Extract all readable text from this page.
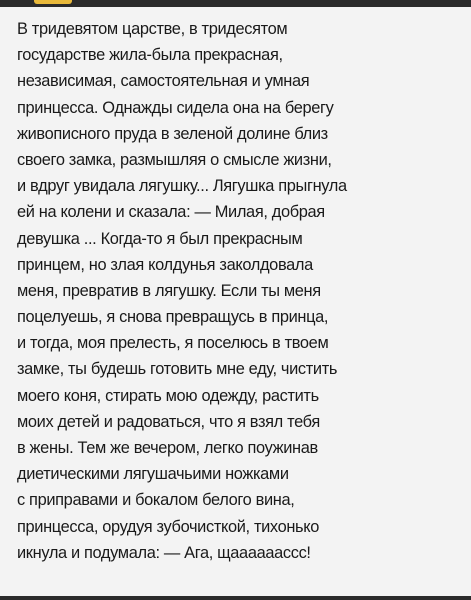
В тридевятом царстве, в тридесятом
государстве жила-была прекрасная,
независимая, самостоятельная и умная
принцесса. Однажды сидела она на берегу
живописного пруда в зеленой долине близ
своего замка, размышляя о смысле жизни,
и вдруг увидала лягушку... Лягушка прыгнула
ей на колени и сказала: — Милая, добрая
девушка ... Когда-то я был прекрасным
принцем, но злая колдунья заколдовала
меня, превратив в лягушку. Если ты меня
поцелуешь, я снова превращусь в принца,
и тогда, моя прелесть, я поселюсь в твоем
замке, ты будешь готовить мне еду, чистить
моего коня, стирать мою одежду, растить
моих детей и радоваться, что я взял тебя
в жены. Тем же вечером, легко поужинав
диетическими лягушачьими ножками
с приправами и бокалом белого вина,
принцесса, орудуя зубочисткой, тихонько
икнула и подумала: — Ага, щаааааассс!
